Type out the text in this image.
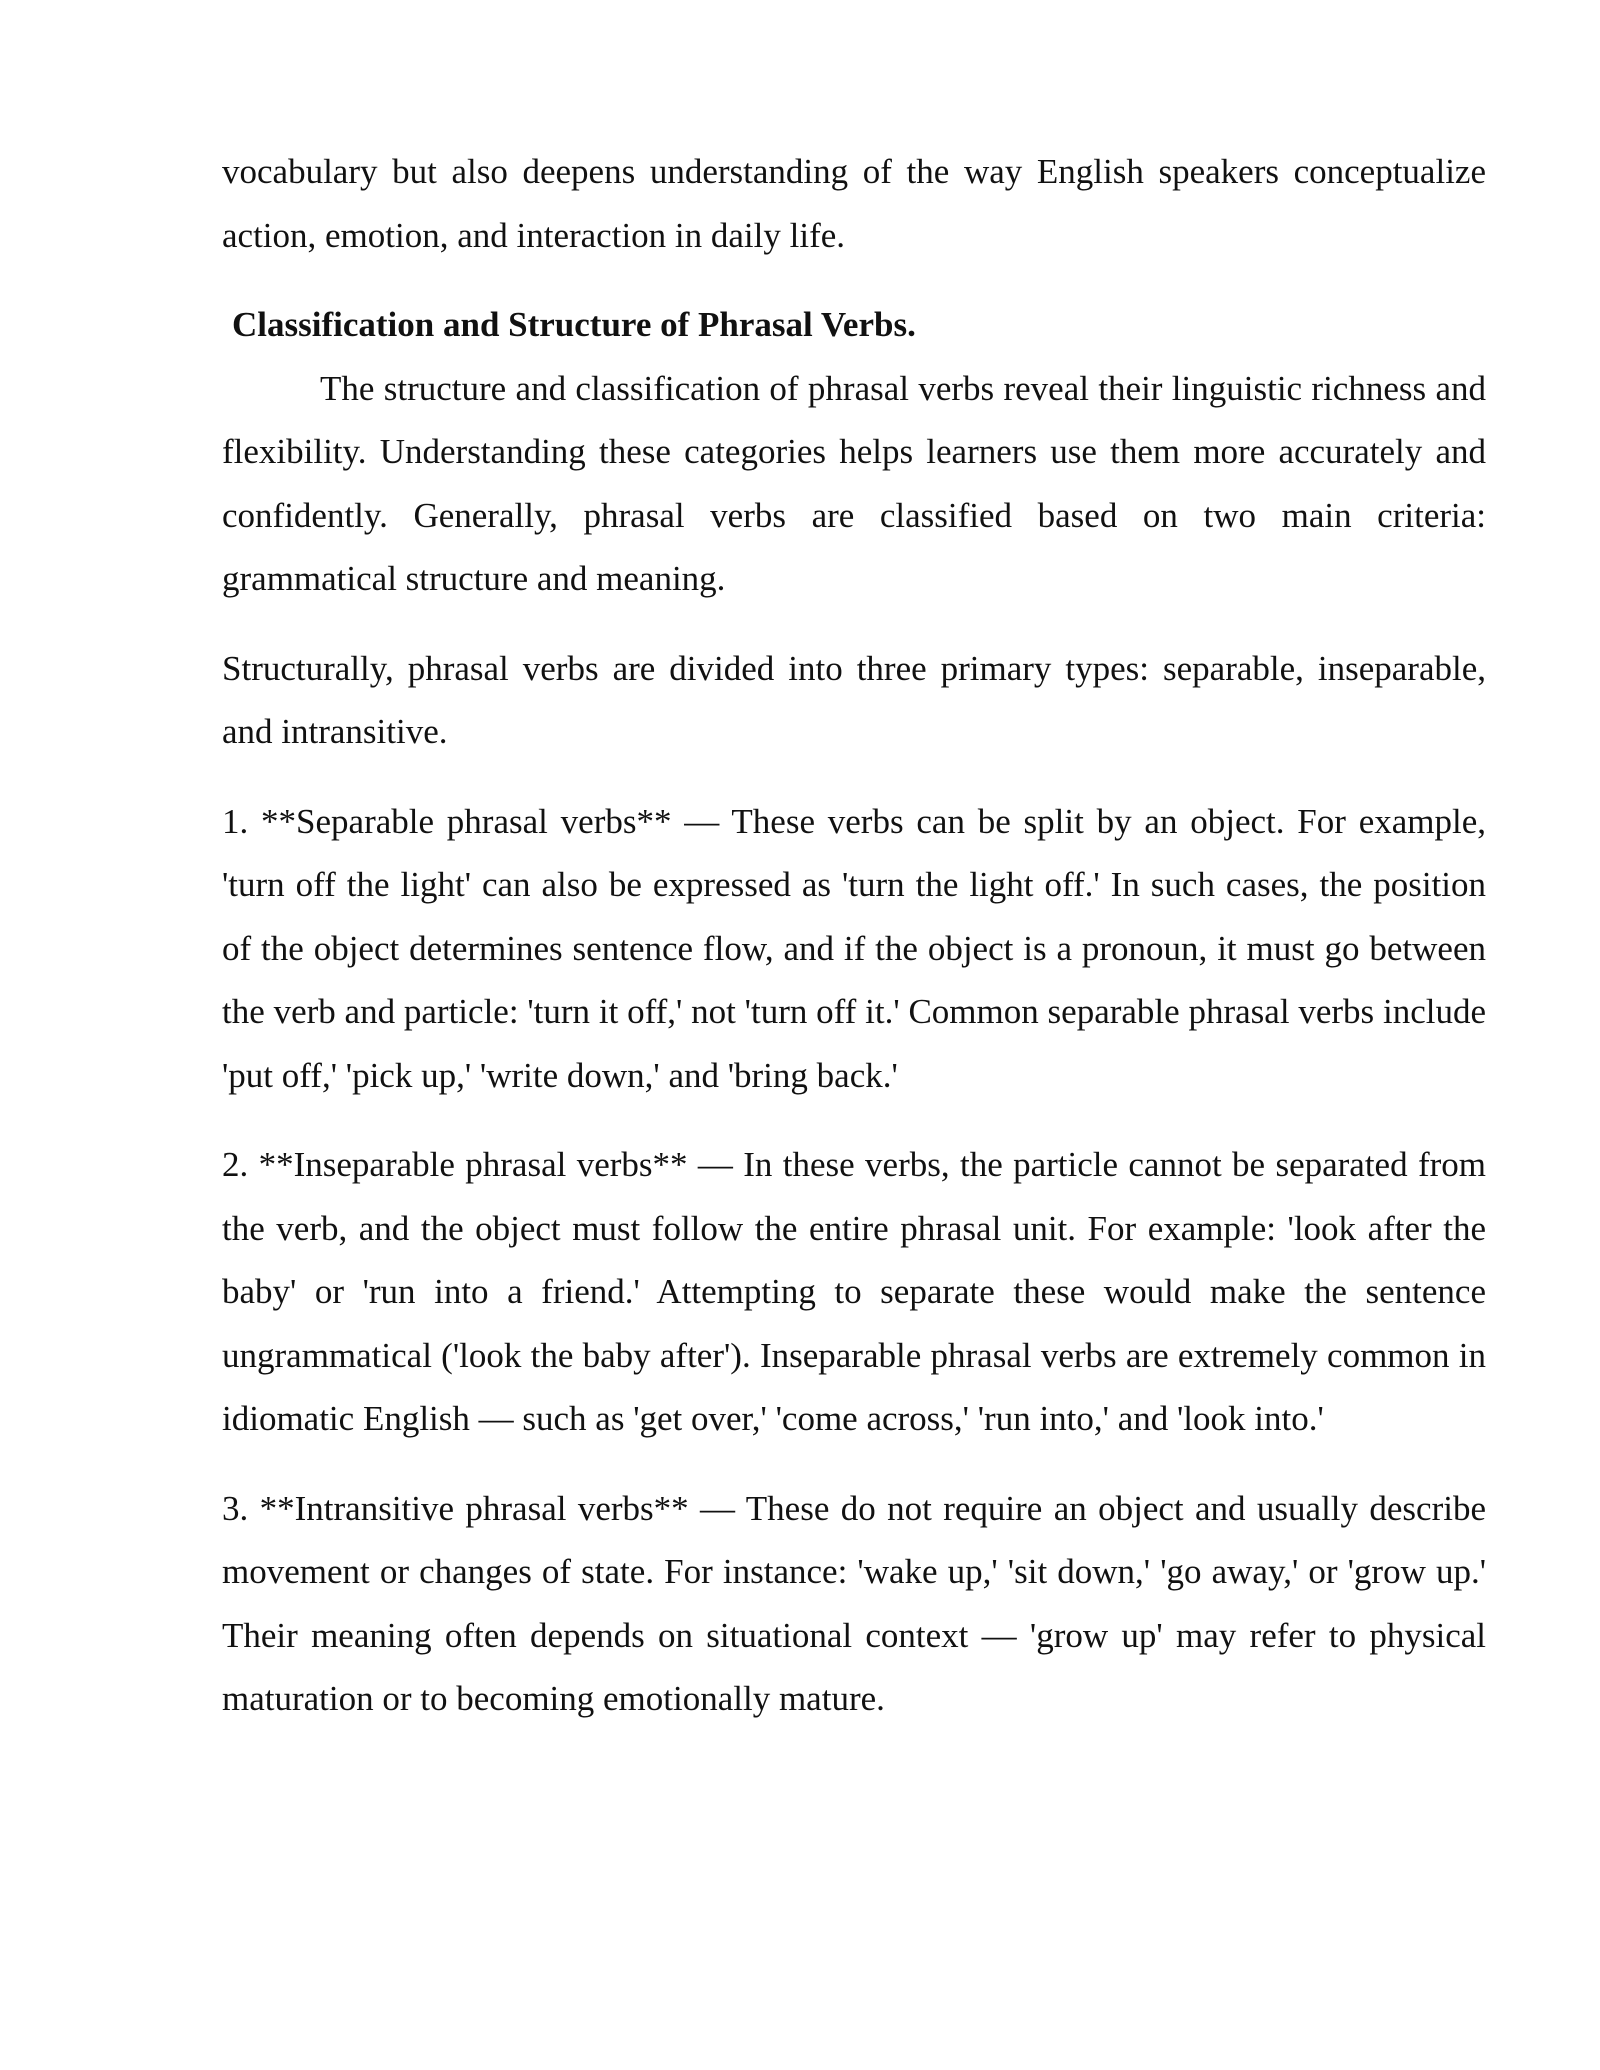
vocabulary but also deepens understanding of the way English speakers conceptualize action, emotion, and interaction in daily life.

Classification and Structure of Phrasal Verbs.

The structure and classification of phrasal verbs reveal their linguistic richness and flexibility. Understanding these categories helps learners use them more accurately and confidently. Generally, phrasal verbs are classified based on two main criteria: grammatical structure and meaning.

Structurally, phrasal verbs are divided into three primary types: separable, inseparable, and intransitive.

1. **Separable phrasal verbs** — These verbs can be split by an object. For example, 'turn off the light' can also be expressed as 'turn the light off.' In such cases, the position of the object determines sentence flow, and if the object is a pronoun, it must go between the verb and particle: 'turn it off,' not 'turn off it.' Common separable phrasal verbs include 'put off,' 'pick up,' 'write down,' and 'bring back.'

2. **Inseparable phrasal verbs** — In these verbs, the particle cannot be separated from the verb, and the object must follow the entire phrasal unit. For example: 'look after the baby' or 'run into a friend.' Attempting to separate these would make the sentence ungrammatical ('look the baby after'). Inseparable phrasal verbs are extremely common in idiomatic English — such as 'get over,' 'come across,' 'run into,' and 'look into.'

3. **Intransitive phrasal verbs** — These do not require an object and usually describe movement or changes of state. For instance: 'wake up,' 'sit down,' 'go away,' or 'grow up.' Their meaning often depends on situational context — 'grow up' may refer to physical maturation or to becoming emotionally mature.
